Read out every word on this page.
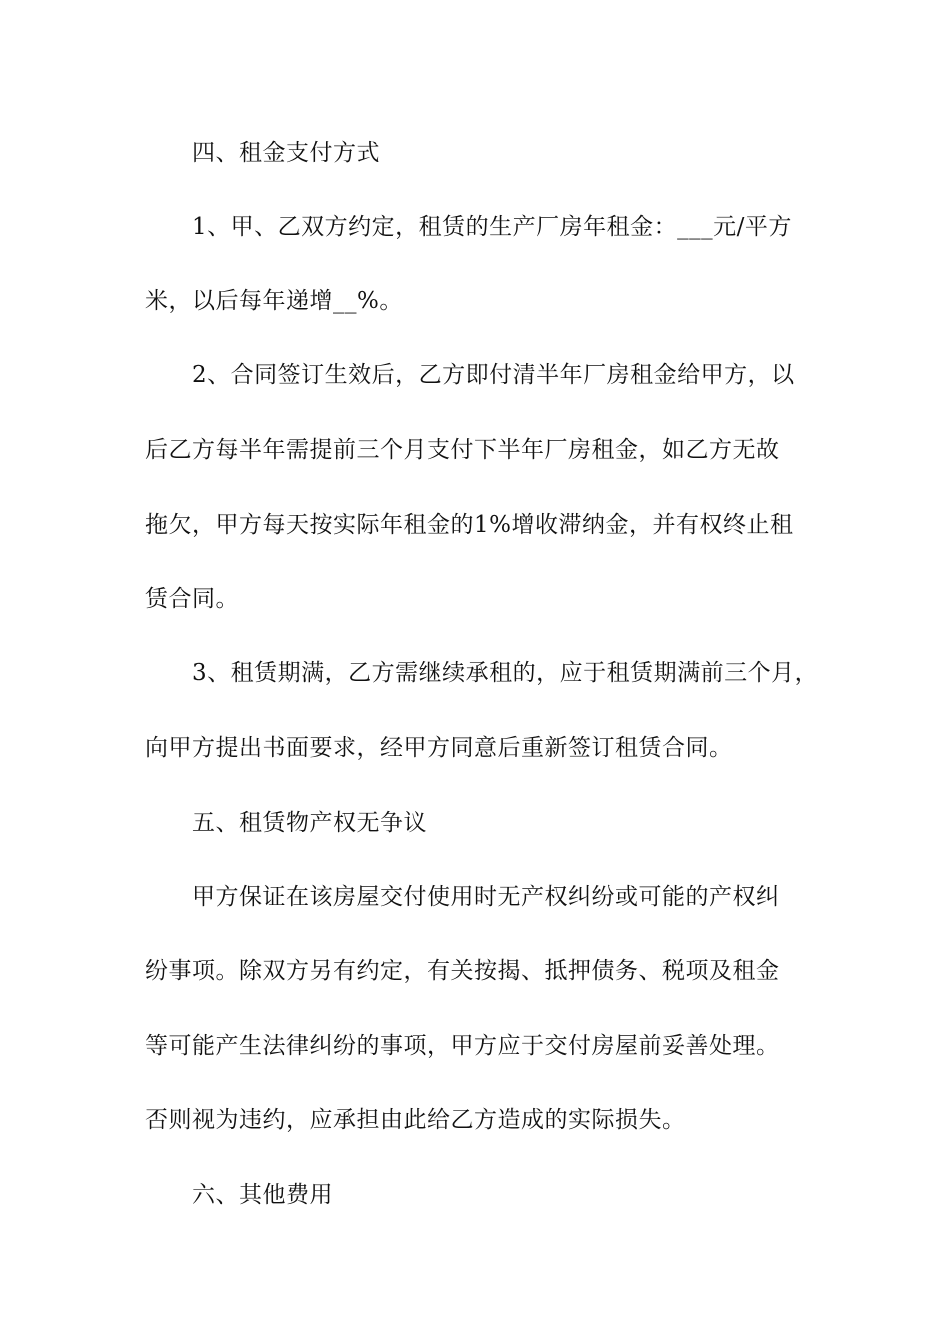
四、租金支付方式
1、甲、乙双方约定，租赁的生产厂房年租金：___元/平方
米，以后每年递增__%。
2、合同签订生效后，乙方即付清半年厂房租金给甲方，以
后乙方每半年需提前三个月支付下半年厂房租金，如乙方无故
拖欠，甲方每天按实际年租金的1%增收滞纳金，并有权终止租
赁合同。
3、租赁期满，乙方需继续承租的，应于租赁期满前三个月，
向甲方提出书面要求，经甲方同意后重新签订租赁合同。
五、租赁物产权无争议
甲方保证在该房屋交付使用时无产权纠纷或可能的产权纠
纷事项。除双方另有约定，有关按揭、抵押债务、税项及租金
等可能产生法律纠纷的事项，甲方应于交付房屋前妥善处理。
否则视为违约，应承担由此给乙方造成的实际损失。
六、其他费用
